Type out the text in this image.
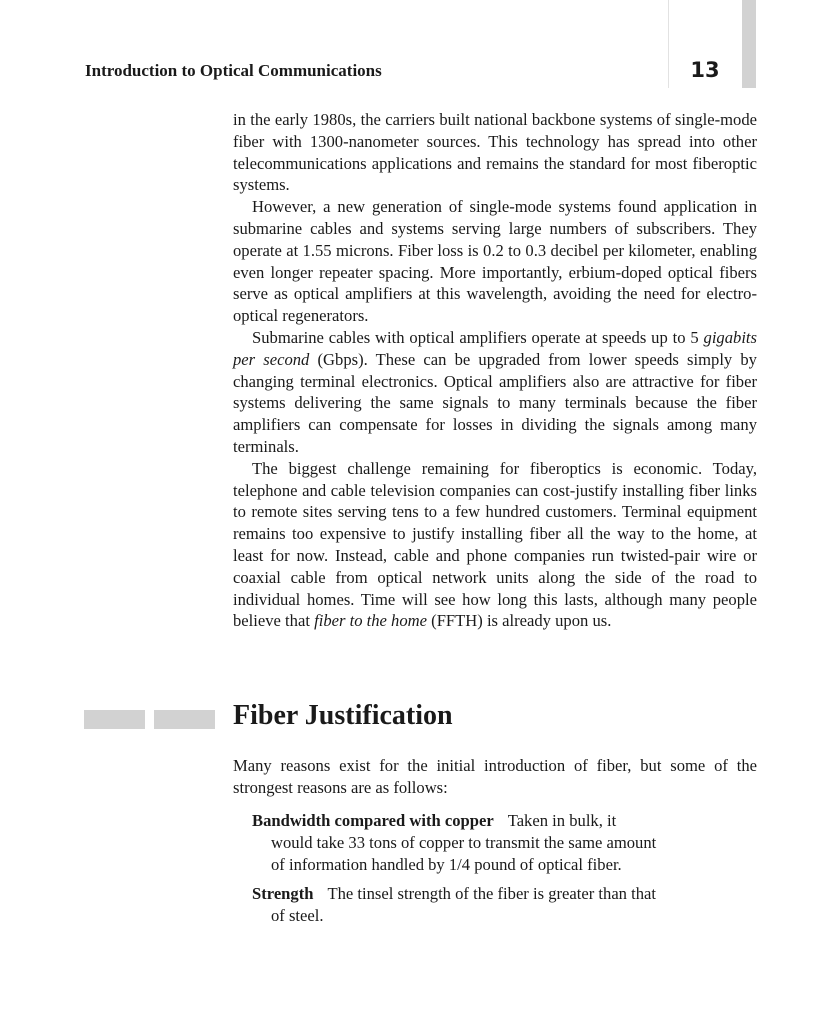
13
Introduction to Optical Communications

in the early 1980s, the carriers built national backbone systems of single-mode fiber with 1300-nanometer sources. This technology has spread into other telecommunications applications and remains the standard for most fiberoptic systems.

However, a new generation of single-mode systems found application in submarine cables and systems serving large numbers of subscribers. They operate at 1.55 microns. Fiber loss is 0.2 to 0.3 decibel per kilometer, enabling even longer repeater spacing. More importantly, erbium-doped optical fibers serve as optical amplifiers at this wavelength, avoiding the need for electro-optical regenerators.

Submarine cables with optical amplifiers operate at speeds up to 5 gigabits per second (Gbps). These can be upgraded from lower speeds simply by changing terminal electronics. Optical amplifiers also are attractive for fiber systems delivering the same signals to many terminals because the fiber amplifiers can compensate for losses in dividing the signals among many terminals.

The biggest challenge remaining for fiberoptics is economic. Today, telephone and cable television companies can cost-justify installing fiber links to remote sites serving tens to a few hundred customers. Terminal equipment remains too expensive to justify installing fiber all the way to the home, at least for now. Instead, cable and phone companies run twisted-pair wire or coaxial cable from optical network units along the side of the road to individual homes. Time will see how long this lasts, although many people believe that fiber to the home (FFTH) is already upon us.

Fiber Justification

Many reasons exist for the initial introduction of fiber, but some of the strongest reasons are as follows:

Bandwidth compared with copper Taken in bulk, it
would take 33 tons of copper to transmit the same amount
of information handled by 1/4 pound of optical fiber.
Strength The tinsel strength of the fiber is greater than that
of steel.
